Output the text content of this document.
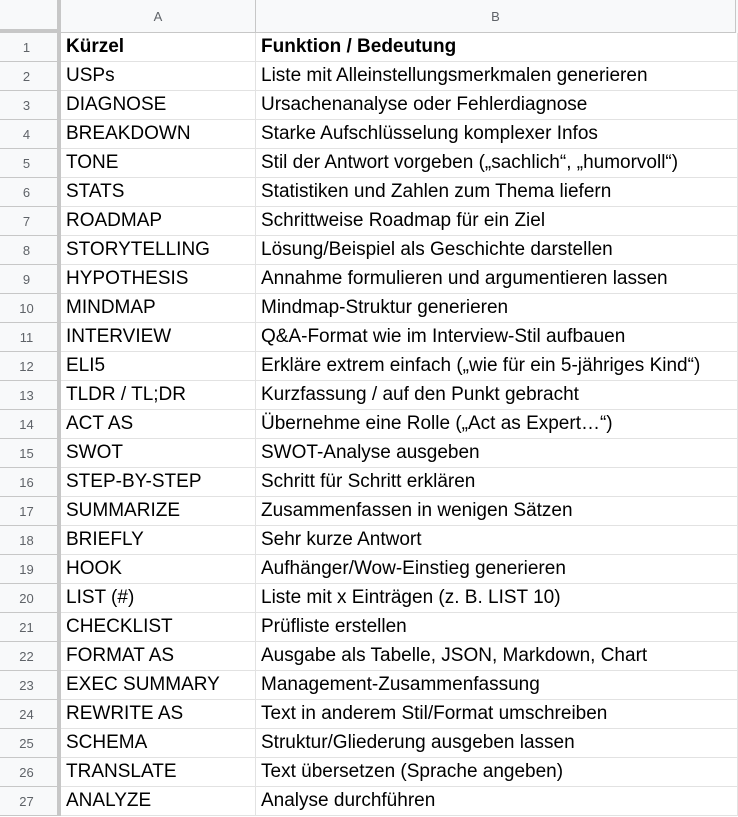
A	B
1	Kürzel	Funktion / Bedeutung
2	USPs	Liste mit Alleinstellungsmerkmalen generieren
3	DIAGNOSE	Ursachenanalyse oder Fehlerdiagnose
4	BREAKDOWN	Starke Aufschlüsselung komplexer Infos
5	TONE	Stil der Antwort vorgeben („sachlich“, „humorvoll“)
6	STATS	Statistiken und Zahlen zum Thema liefern
7	ROADMAP	Schrittweise Roadmap für ein Ziel
8	STORYTELLING	Lösung/Beispiel als Geschichte darstellen
9	HYPOTHESIS	Annahme formulieren und argumentieren lassen
10	MINDMAP	Mindmap-Struktur generieren
11	INTERVIEW	Q&A-Format wie im Interview-Stil aufbauen
12	ELI5	Erkläre extrem einfach („wie für ein 5-jähriges Kind“)
13	TLDR / TL;DR	Kurzfassung / auf den Punkt gebracht
14	ACT AS	Übernehme eine Rolle („Act as Expert…“)
15	SWOT	SWOT-Analyse ausgeben
16	STEP-BY-STEP	Schritt für Schritt erklären
17	SUMMARIZE	Zusammenfassen in wenigen Sätzen
18	BRIEFLY	Sehr kurze Antwort
19	HOOK	Aufhänger/Wow-Einstieg generieren
20	LIST (#)	Liste mit x Einträgen (z. B. LIST 10)
21	CHECKLIST	Prüfliste erstellen
22	FORMAT AS	Ausgabe als Tabelle, JSON, Markdown, Chart
23	EXEC SUMMARY	Management-Zusammenfassung
24	REWRITE AS	Text in anderem Stil/Format umschreiben
25	SCHEMA	Struktur/Gliederung ausgeben lassen
26	TRANSLATE	Text übersetzen (Sprache angeben)
27	ANALYZE	Analyse durchführen
